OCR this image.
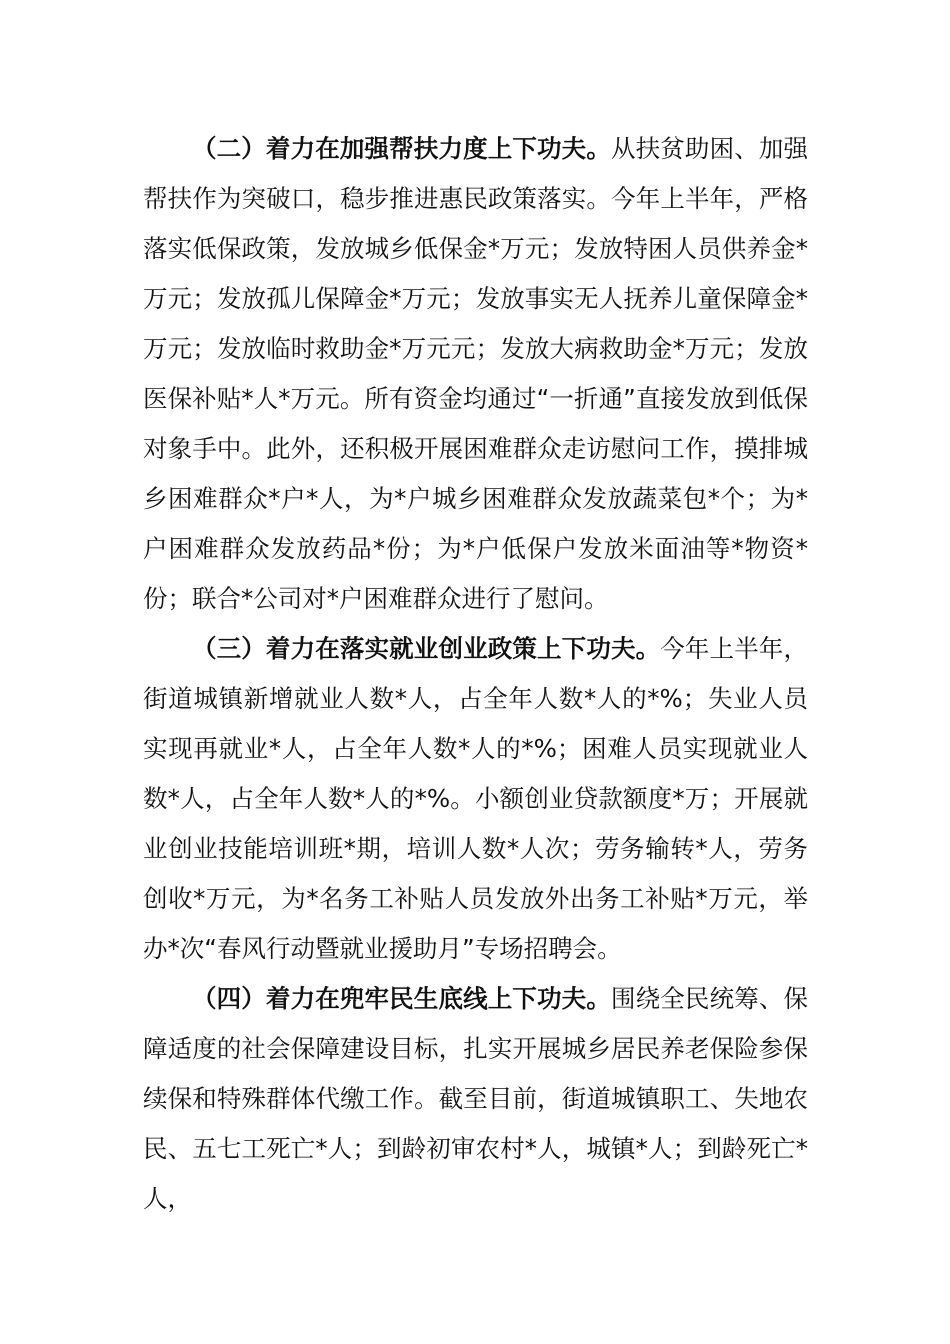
（二）着力在加强帮扶力度上下功夫。从扶贫助困、加强帮扶作为突破口，稳步推进惠民政策落实。今年上半年，严格落实低保政策，发放城乡低保金*万元；发放特困人员供养金*万元；发放孤儿保障金*万元；发放事实无人抚养儿童保障金*万元；发放临时救助金*万元元；发放大病救助金*万元；发放医保补贴*人*万元。所有资金均通过“一折通”直接发放到低保对象手中。此外，还积极开展困难群众走访慰问工作，摸排城乡困难群众*户*人，为*户城乡困难群众发放蔬菜包*个；为*户困难群众发放药品*份；为*户低保户发放米面油等*物资*份；联合*公司对*户困难群众进行了慰问。

（三）着力在落实就业创业政策上下功夫。今年上半年，街道城镇新增就业人数*人，占全年人数*人的*%；失业人员实现再就业*人，占全年人数*人的*%；困难人员实现就业人数*人，占全年人数*人的*%。小额创业贷款额度*万；开展就业创业技能培训班*期，培训人数*人次；劳务输转*人，劳务创收*万元，为*名务工补贴人员发放外出务工补贴*万元，举办*次“春风行动暨就业援助月”专场招聘会。

（四）着力在兜牢民生底线上下功夫。围绕全民统筹、保障适度的社会保障建设目标，扎实开展城乡居民养老保险参保续保和特殊群体代缴工作。截至目前，街道城镇职工、失地农民、五七工死亡*人；到龄初审农村*人，城镇*人；到龄死亡*人，
